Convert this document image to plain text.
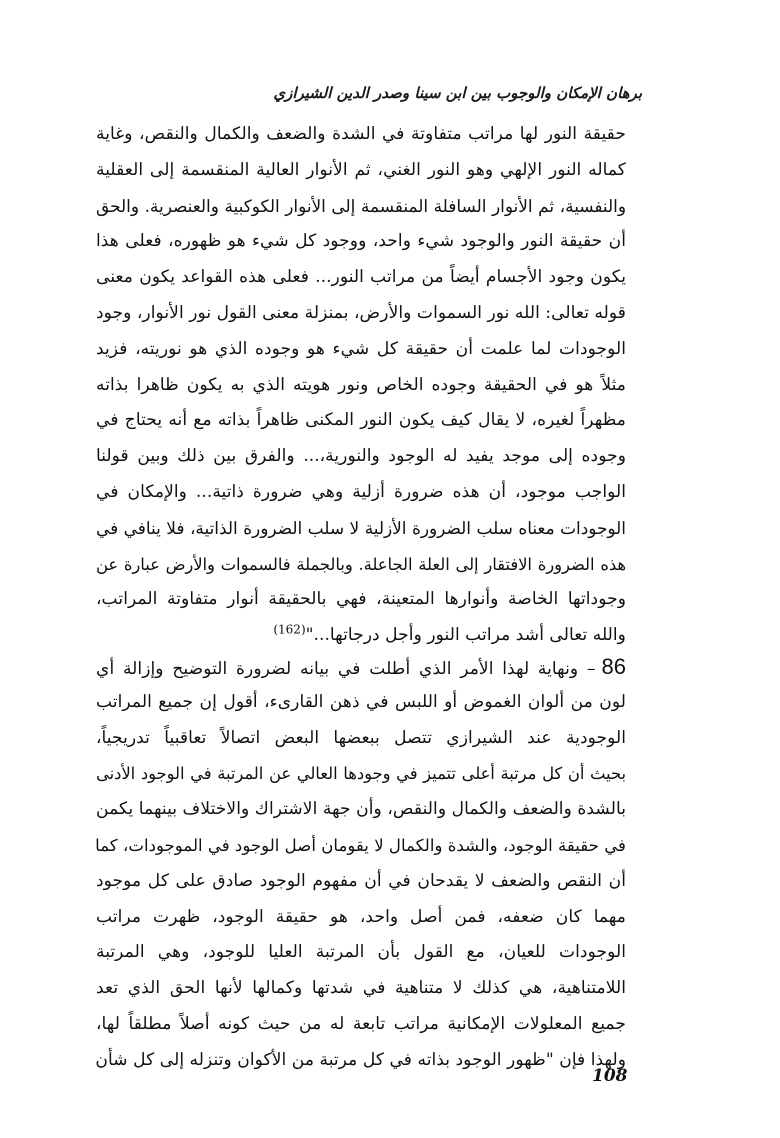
برهان الإمكان والوجوب بين ابن سينا وصدر الدين الشيرازي
حقيقة النور لها مراتب متفاوتة في الشدة والضعف والكمال والنقص، وغاية
كماله النور الإلهي وهو النور الغني، ثم الأنوار العالية المنقسمة إلى العقلية
والنفسية، ثم الأنوار السافلة المنقسمة إلى الأنوار الكوكبية والعنصرية. والحق
أن حقيقة النور والوجود شيء واحد، ووجود كل شيء هو ظهوره، فعلى هذا
يكون وجود الأجسام أيضاً من مراتب النور... فعلى هذه القواعد يكون معنى
قوله تعالى: الله نور السموات والأرض، بمنزلة معنى القول نور الأنوار، وجود
الوجودات لما علمت أن حقيقة كل شيء هو وجوده الذي هو نوريته، فزيد
مثلاً هو في الحقيقة وجوده الخاص ونور هويته الذي به يكون ظاهرا بذاته
مظهراً لغيره، لا يقال كيف يكون النور المكنى ظاهراً بذاته مع أنه يحتاج في
وجوده إلى موجد يفيد له الوجود والنورية،... والفرق بين ذلك وبين قولنا
الواجب موجود، أن هذه ضرورة أزلية وهي ضرورة ذاتية... والإمكان في
الوجودات معناه سلب الضرورة الأزلية لا سلب الضرورة الذاتية، فلا ينافي في
هذه الضرورة الافتقار إلى العلة الجاعلة. وبالجملة فالسموات والأرض عبارة عن
وجوداتها الخاصة وأنوارها المتعينة، فهي بالحقيقة أنوار متفاوتة المراتب،
والله تعالى أشد مراتب النور وأجل درجاتها..."$^{(162)}$
86– ونهاية لهذا الأمر الذي أطلت في بيانه لضرورة التوضيح وإزالة أي
لون من ألوان الغموض أو اللبس في ذهن القارىء، أقول إن جميع المراتب
الوجودية عند الشيرازي تتصل ببعضها البعض اتصالاً تعاقبياً تدريجياً،
بحيث أن كل مرتبة أعلى تتميز في وجودها العالي عن المرتبة في الوجود الأدنى
بالشدة والضعف والكمال والنقص، وأن جهة الاشتراك والاختلاف بينهما يكمن
في حقيقة الوجود، والشدة والكمال لا يقومان أصل الوجود في الموجودات، كما
أن النقص والضعف لا يقدحان في أن مفهوم الوجود صادق على كل موجود
مهما كان ضعفه، فمن أصل واحد، هو حقيقة الوجود، ظهرت مراتب
الوجودات للعيان، مع القول بأن المرتبة العليا للوجود، وهي المرتبة
اللامتناهية، هي كذلك لا متناهية في شدتها وكمالها لأنها الحق الذي تعد
جميع المعلولات الإمكانية مراتب تابعة له من حيث كونه أصلاً مطلقاً لها،
ولهذا فإن "ظهور الوجود بذاته في كل مرتبة من الأكوان وتنزله إلى كل شأن
108
